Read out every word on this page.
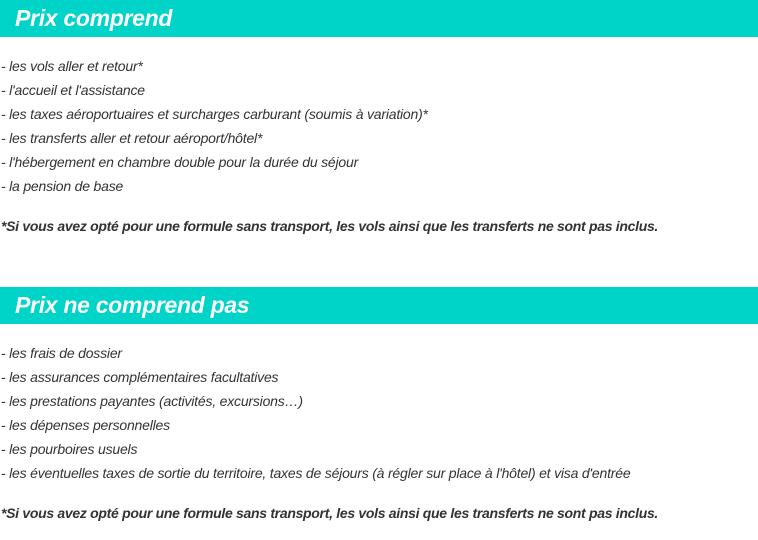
Prix comprend
- les vols aller et retour*
- l'accueil et l'assistance
- les taxes aéroportuaires et surcharges carburant (soumis à variation)*
- les transferts aller et retour aéroport/hôtel*
- l'hébergement en chambre double pour la durée du séjour
- la pension de base
*Si vous avez opté pour une formule sans transport, les vols ainsi que les transferts ne sont pas inclus.
Prix ne comprend pas
- les frais de dossier
- les assurances complémentaires facultatives
- les prestations payantes (activités, excursions…)
- les dépenses personnelles
- les pourboires usuels
- les éventuelles taxes de sortie du territoire, taxes de séjours (à régler sur place à l'hôtel) et visa d'entrée
*Si vous avez opté pour une formule sans transport, les vols ainsi que les transferts ne sont pas inclus.
